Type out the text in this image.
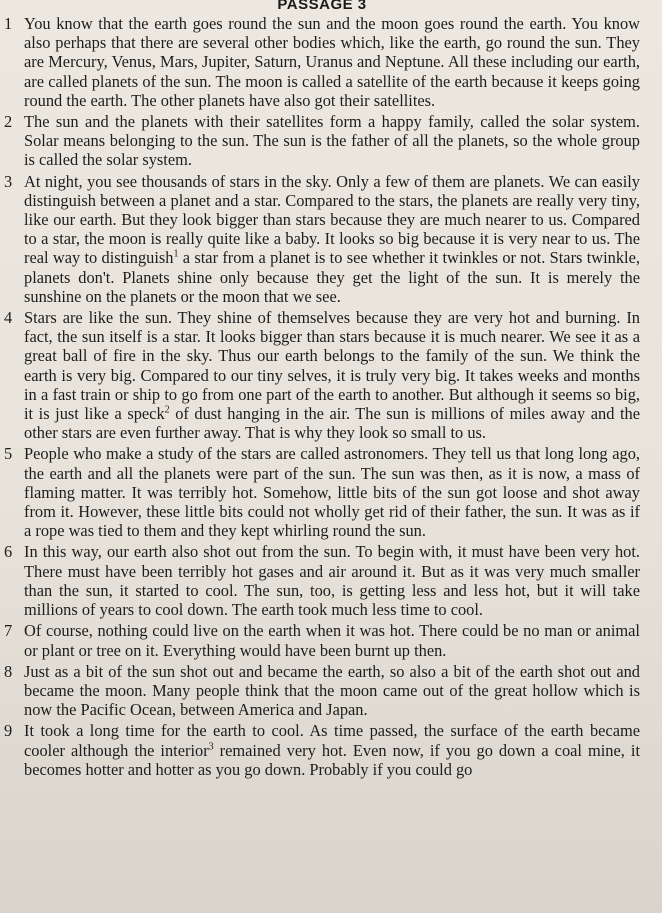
PASSAGE 3
1 You know that the earth goes round the sun and the moon goes round the earth. You know also perhaps that there are several other bodies which, like the earth, go round the sun. They are Mercury, Venus, Mars, Jupiter, Saturn, Uranus and Neptune. All these including our earth, are called planets of the sun. The moon is called a satellite of the earth because it keeps going round the earth. The other planets have also got their satellites.

2 The sun and the planets with their satellites form a happy family, called the solar system. Solar means belonging to the sun. The sun is the father of all the planets, so the whole group is called the solar system.

3 At night, you see thousands of stars in the sky. Only a few of them are planets. We can easily distinguish between a planet and a star. Compared to the stars, the planets are really very tiny, like our earth. But they look bigger than stars because they are much nearer to us. Compared to a star, the moon is really quite like a baby. It looks so big because it is very near to us. The real way to distinguish$^1$ a star from a planet is to see whether it twinkles or not. Stars twinkle, planets don't. Planets shine only because they get the light of the sun. It is merely the sunshine on the planets or the moon that we see.

4 Stars are like the sun. They shine of themselves because they are very hot and burning. In fact, the sun itself is a star. It looks bigger than stars because it is much nearer. We see it as a great ball of fire in the sky. Thus our earth belongs to the family of the sun. We think the earth is very big. Compared to our tiny selves, it is truly very big. It takes weeks and months in a fast train or ship to go from one part of the earth to another. But although it seems so big, it is just like a speck$^2$ of dust hanging in the air. The sun is millions of miles away and the other stars are even further away. That is why they look so small to us.

5 People who make a study of the stars are called astronomers. They tell us that long long ago, the earth and all the planets were part of the sun. The sun was then, as it is now, a mass of flaming matter. It was terribly hot. Somehow, little bits of the sun got loose and shot away from it. However, these little bits could not wholly get rid of their father, the sun. It was as if a rope was tied to them and they kept whirling round the sun.

6 In this way, our earth also shot out from the sun. To begin with, it must have been very hot. There must have been terribly hot gases and air around it. But as it was very much smaller than the sun, it started to cool. The sun, too, is getting less and less hot, but it will take millions of years to cool down. The earth took much less time to cool.

7 Of course, nothing could live on the earth when it was hot. There could be no man or animal or plant or tree on it. Everything would have been burnt up then.

8 Just as a bit of the sun shot out and became the earth, so also a bit of the earth shot out and became the moon. Many people think that the moon came out of the great hollow which is now the Pacific Ocean, between America and Japan.

9 It took a long time for the earth to cool. As time passed, the surface of the earth became cooler although the interior$^3$ remained very hot. Even now, if you go down a coal mine, it becomes hotter and hotter as you go down. Probably if you could go
